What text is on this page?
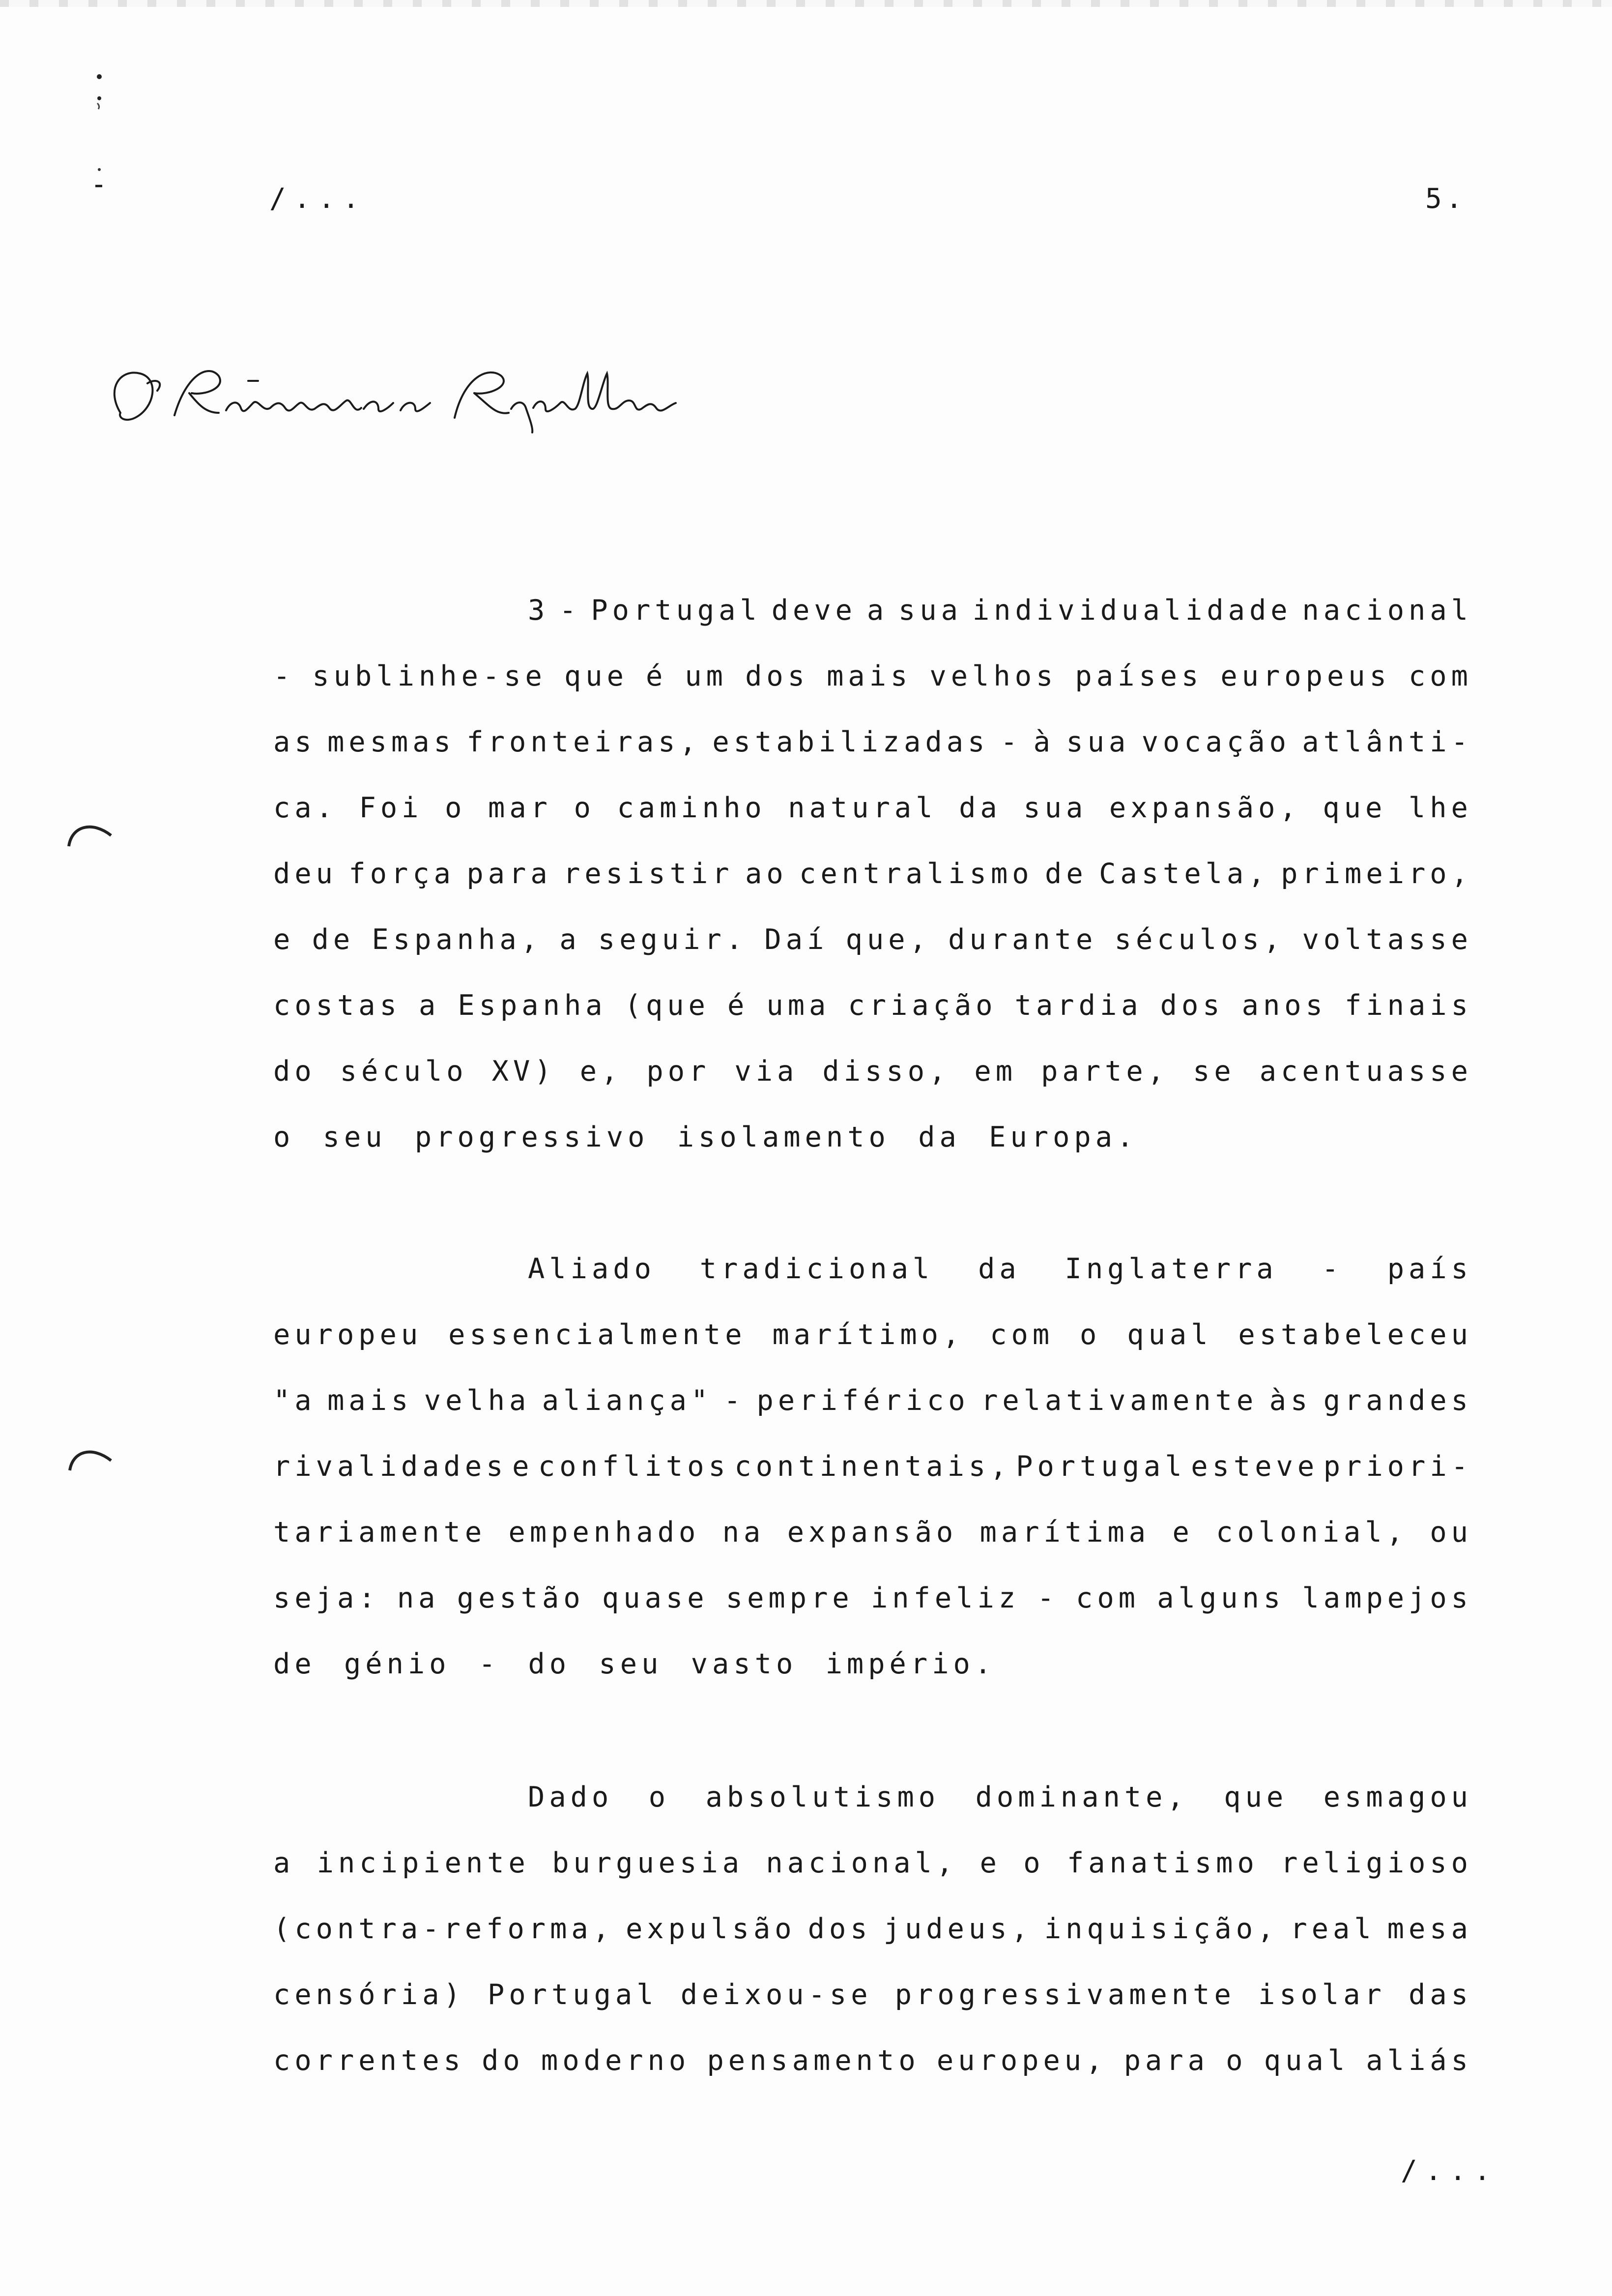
/...	5.
3 - Portugal deve a sua individualidade nacional
- sublinhe-se que é um dos mais velhos países europeus com
as mesmas fronteiras, estabilizadas - à sua vocação atlânti-
ca. Foi o mar o caminho natural da sua expansão, que lhe
deu força para resistir ao centralismo de Castela, primeiro,
e de Espanha, a seguir. Daí que, durante séculos, voltasse
costas a Espanha (que é uma criação tardia dos anos finais
do século XV) e, por via disso, em parte, se acentuasse
o seu progressivo isolamento da Europa.
Aliado tradicional da Inglaterra - país
europeu essencialmente marítimo, com o qual estabeleceu
"a mais velha aliança" - periférico relativamente às grandes
rivalidades e conflitos continentais, Portugal esteve priori-
tariamente empenhado na expansão marítima e colonial, ou
seja: na gestão quase sempre infeliz - com alguns lampejos
de génio - do seu vasto império.
Dado o absolutismo dominante, que esmagou
a incipiente burguesia nacional, e o fanatismo religioso
(contra-reforma, expulsão dos judeus, inquisição, real mesa
censória) Portugal deixou-se progressivamente isolar das
correntes do moderno pensamento europeu, para o qual aliás
/...
